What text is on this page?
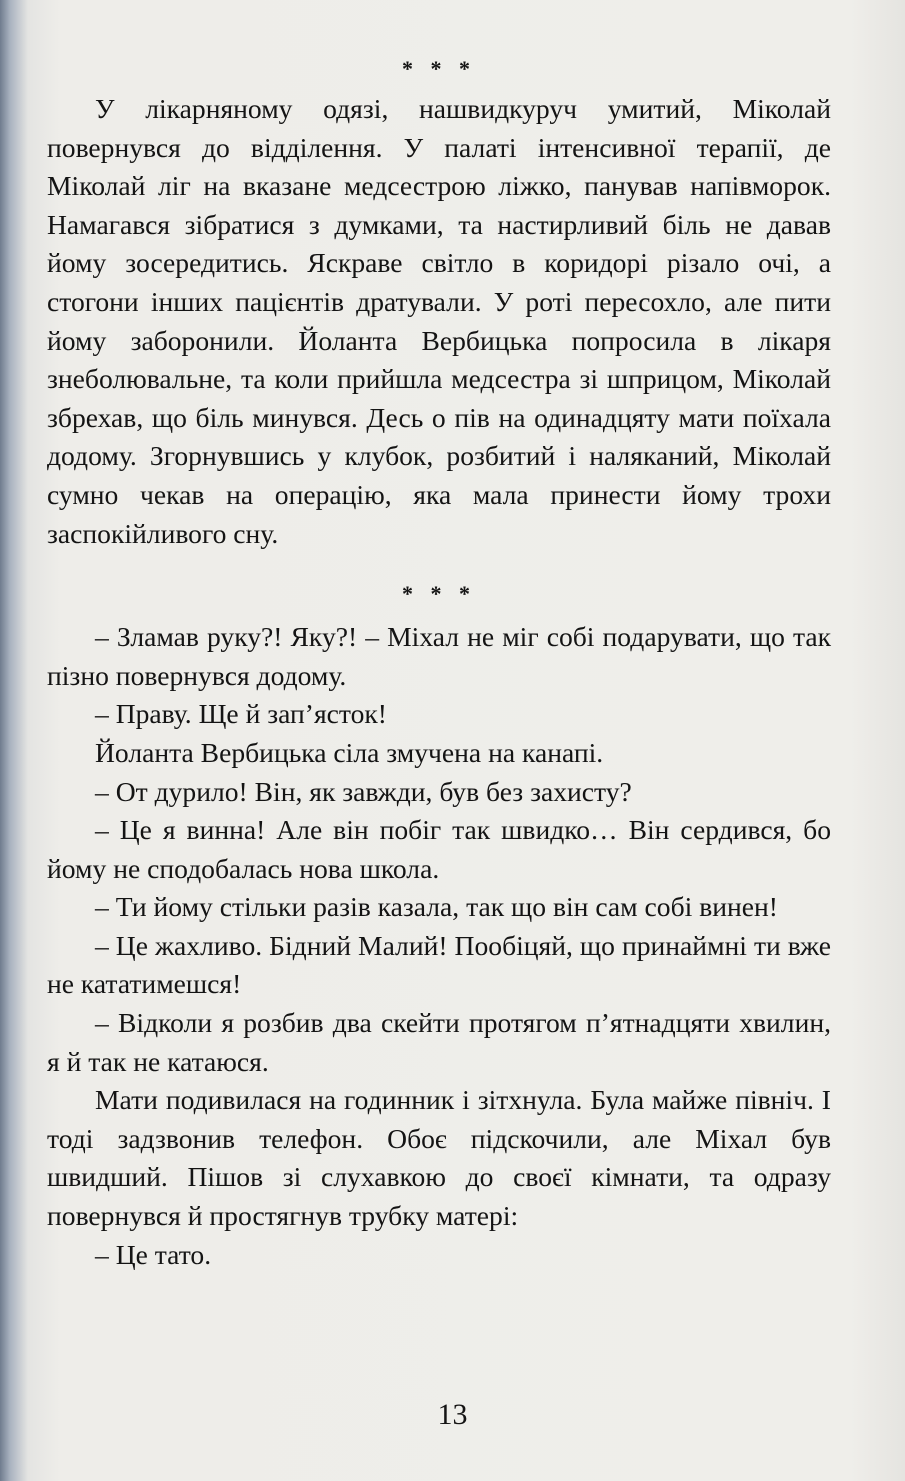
* * *

У лікарняному одязі, нашвидкуруч умитий, Міколай повернувся до відділення. У палаті інтенсивної терапії, де Міколай ліг на вказане медсестрою ліжко, панував напівморок. Намагався зібратися з думками, та настирливий біль не давав йому зосередитись. Яскраве світло в коридорі різало очі, а стогони інших пацієнтів дратували. У роті пересохло, але пити йому заборонили. Йоланта Вербицька попросила в лікаря знеболювальне, та коли прийшла медсестра зі шприцом, Міколай збрехав, що біль минувся. Десь о пів на одинадцяту мати поїхала додому. Згорнувшись у клубок, розбитий і наляканий, Міколай сумно чекав на операцію, яка мала принести йому трохи заспокійливого сну.

* * *

– Зламав руку?! Яку?! – Міхал не міг собі подарувати, що так пізно повернувся додому.

– Праву. Ще й зап’ясток!

Йоланта Вербицька сіла змучена на канапі.

– От дурило! Він, як завжди, був без захисту?

– Це я винна! Але він побіг так швидко… Він сердився, бо йому не сподобалась нова школа.

– Ти йому стільки разів казала, так що він сам собі винен!

– Це жахливо. Бідний Малий! Пообіцяй, що принаймні ти вже не кататимешся!

– Відколи я розбив два скейти протягом п’ятнадцяти хвилин, я й так не катаюся.

Мати подивилася на годинник і зітхнула. Була майже північ. І тоді задзвонив телефон. Обоє підскочили, але Міхал був швидший. Пішов зі слухавкою до своєї кімнати, та одразу повернувся й простягнув трубку матері:

– Це тато.

13
